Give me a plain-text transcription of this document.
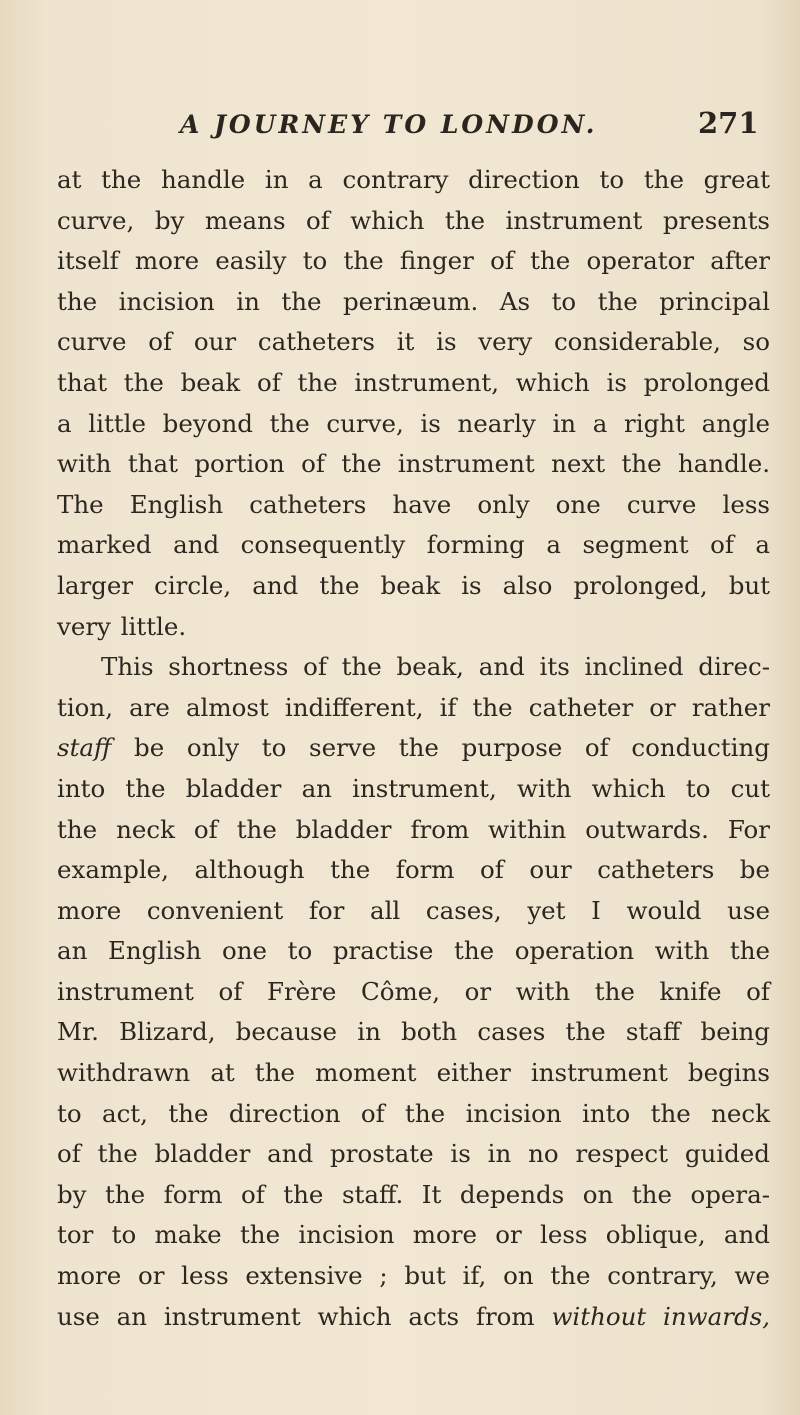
A JOURNEY TO LONDON.	271
at the handle in a contrary direction to the great
curve, by means of which the instrument presents
itself more easily to the finger of the operator after
the incision in the perinæum. As to the principal
curve of our catheters it is very considerable, so
that the beak of the instrument, which is prolonged
a little beyond the curve, is nearly in a right angle
with that portion of the instrument next the handle.
The English catheters have only one curve less
marked and consequently forming a segment of a
larger circle, and the beak is also prolonged, but
very little.
This shortness of the beak, and its inclined direc-
tion, are almost indifferent, if the catheter or rather
staff be only to serve the purpose of conducting
into the bladder an instrument, with which to cut
the neck of the bladder from within outwards. For
example, although the form of our catheters be
more convenient for all cases, yet I would use
an English one to practise the operation with the
instrument of Frère Côme, or with the knife of
Mr. Blizard, because in both cases the staff being
withdrawn at the moment either instrument begins
to act, the direction of the incision into the neck
of the bladder and prostate is in no respect guided
by the form of the staff. It depends on the opera-
tor to make the incision more or less oblique, and
more or less extensive ; but if, on the contrary, we
use an instrument which acts from without inwards,
